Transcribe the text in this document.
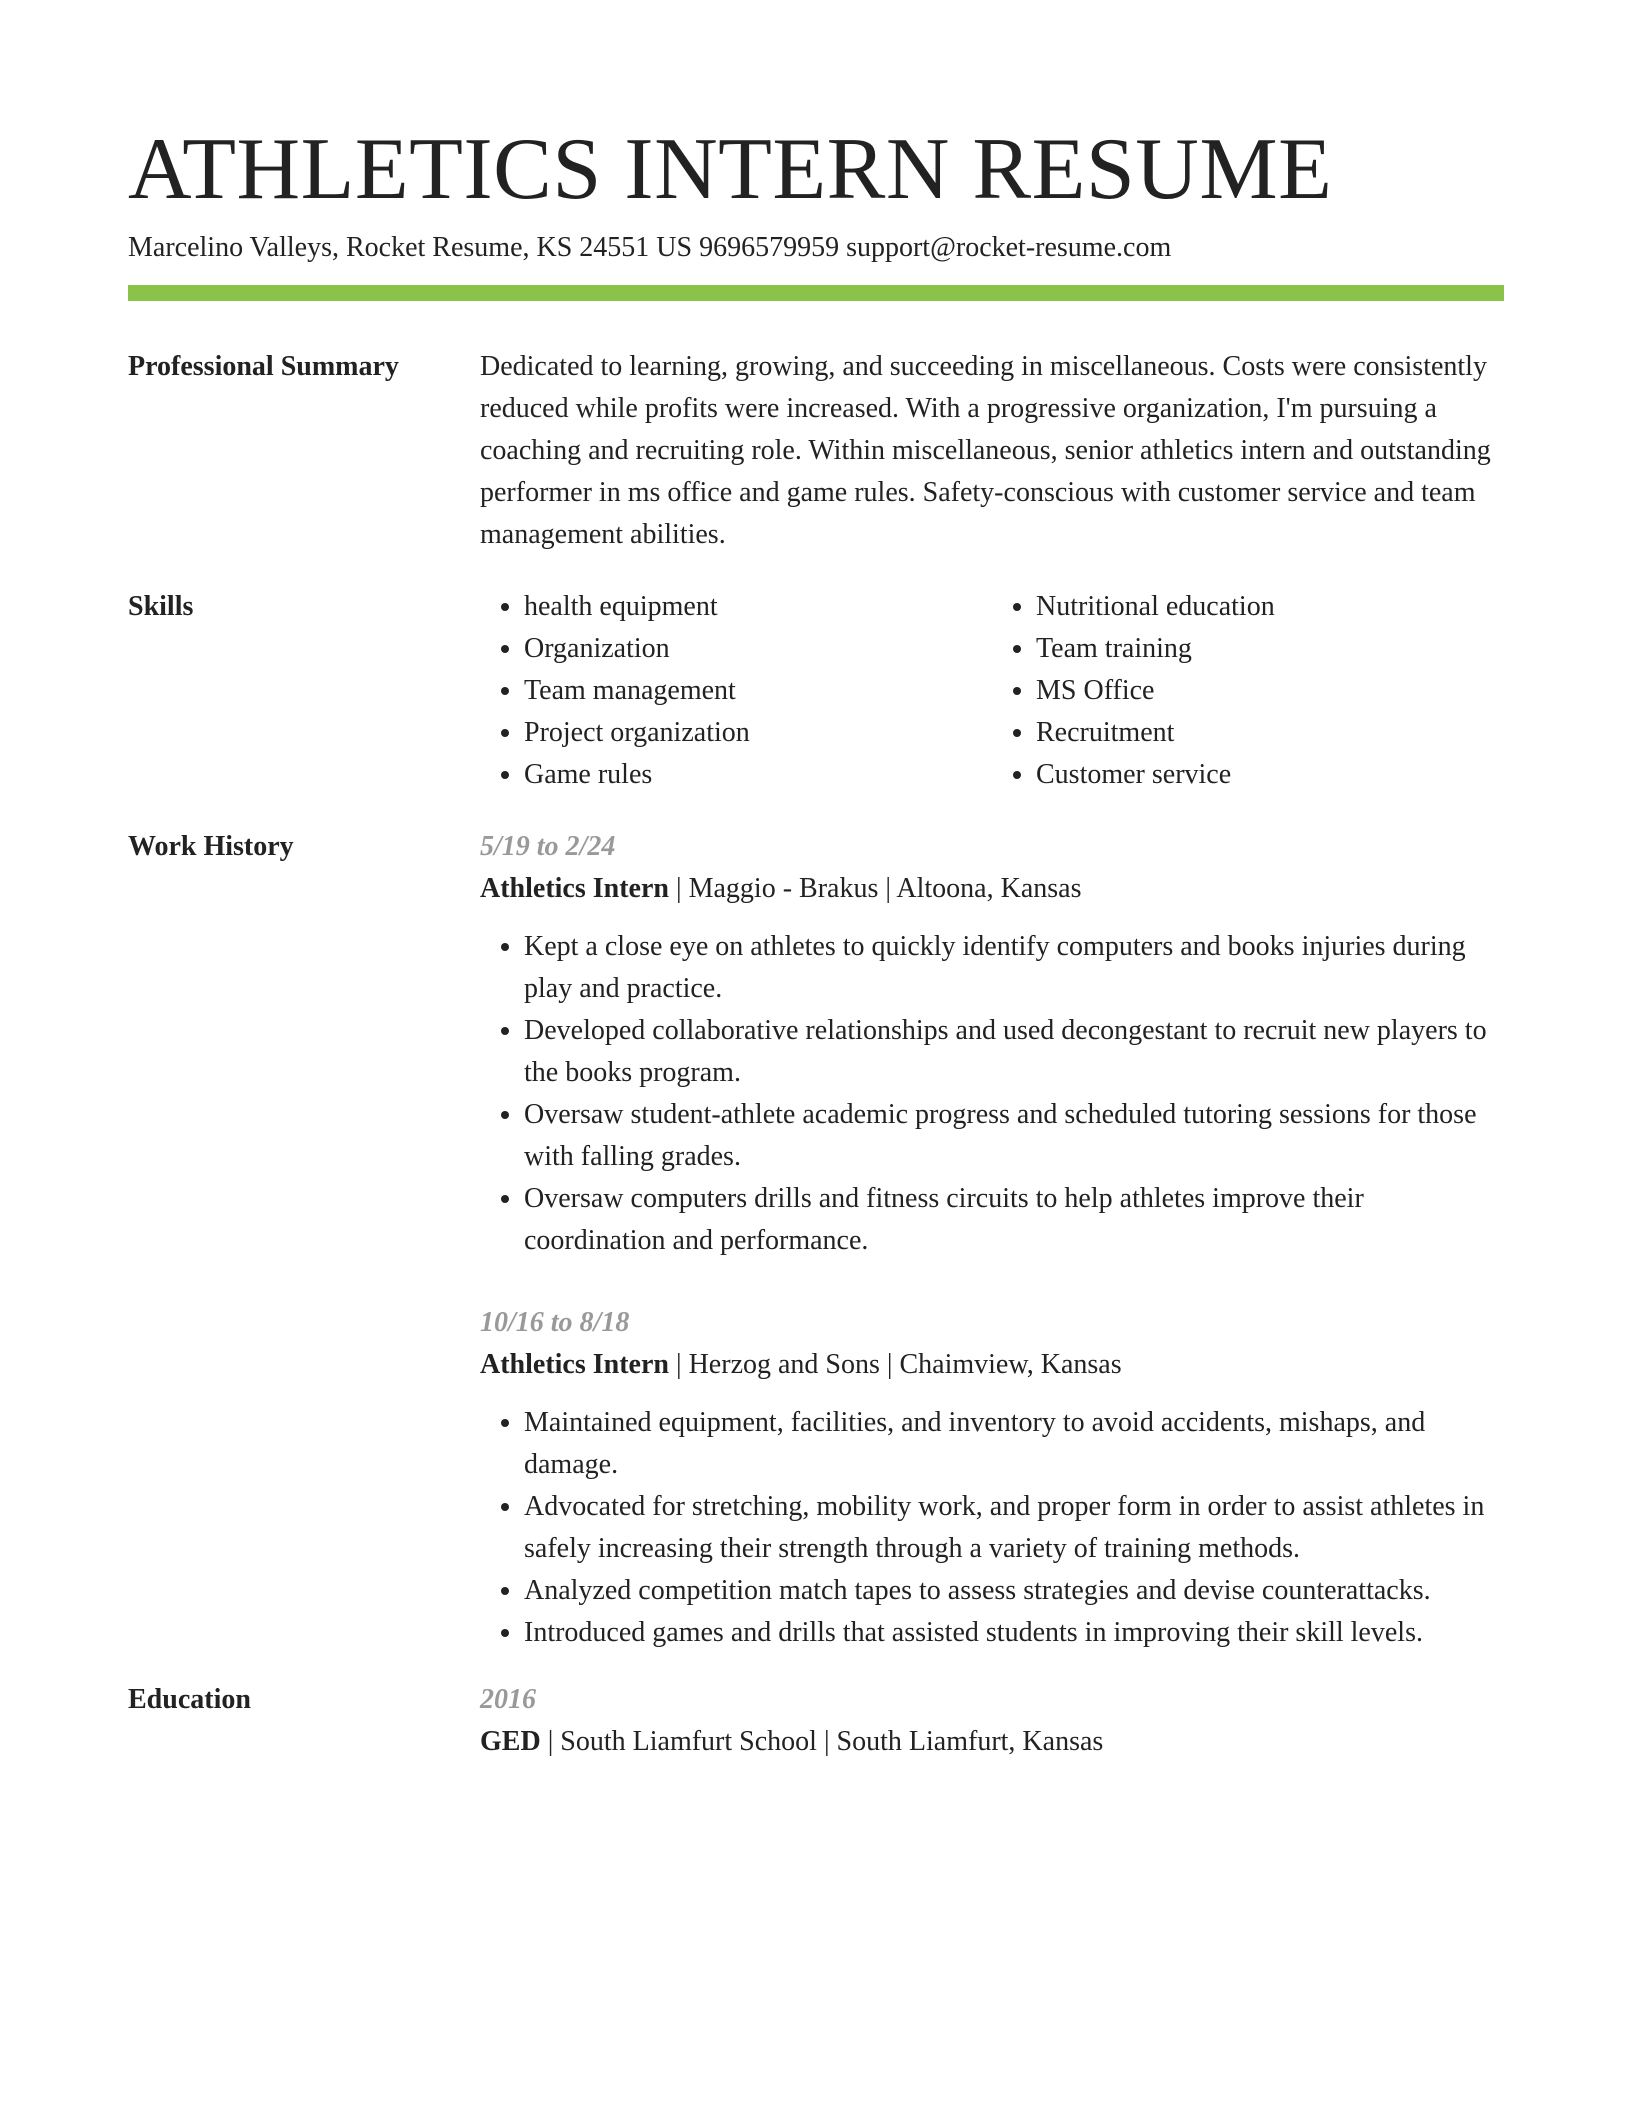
ATHLETICS INTERN RESUME
Marcelino Valleys, Rocket Resume, KS 24551 US 9696579959 support@rocket-resume.com
Professional Summary	Dedicated to learning, growing, and succeeding in miscellaneous. Costs were consistently reduced while profits were increased. With a progressive organization, I'm pursuing a coaching and recruiting role. Within miscellaneous, senior athletics intern and outstanding performer in ms office and game rules. Safety-conscious with customer service and team management abilities.

Skills
•	health equipment
• Organization
• Team management
• Project organization
• Game rules
• Nutritional education
• Team training
• MS Office
• Recruitment
• Customer service
Work History	5/19 to 2/24
Athletics Intern | Maggio - Brakus | Altoona, Kansas
• Kept a close eye on athletes to quickly identify computers and books injuries during play and practice.
• Developed collaborative relationships and used decongestant to recruit new players to the books program.
• Oversaw student-athlete academic progress and scheduled tutoring sessions for those with falling grades.
• Oversaw computers drills and fitness circuits to help athletes improve their coordination and performance.
10/16 to 8/18
Athletics Intern | Herzog and Sons | Chaimview, Kansas
• Maintained equipment, facilities, and inventory to avoid accidents, mishaps, and damage.
• Advocated for stretching, mobility work, and proper form in order to assist athletes in safely increasing their strength through a variety of training methods.
• Analyzed competition match tapes to assess strategies and devise counterattacks.
• Introduced games and drills that assisted students in improving their skill levels.
Education	2016
GED | South Liamfurt School | South Liamfurt, Kansas
